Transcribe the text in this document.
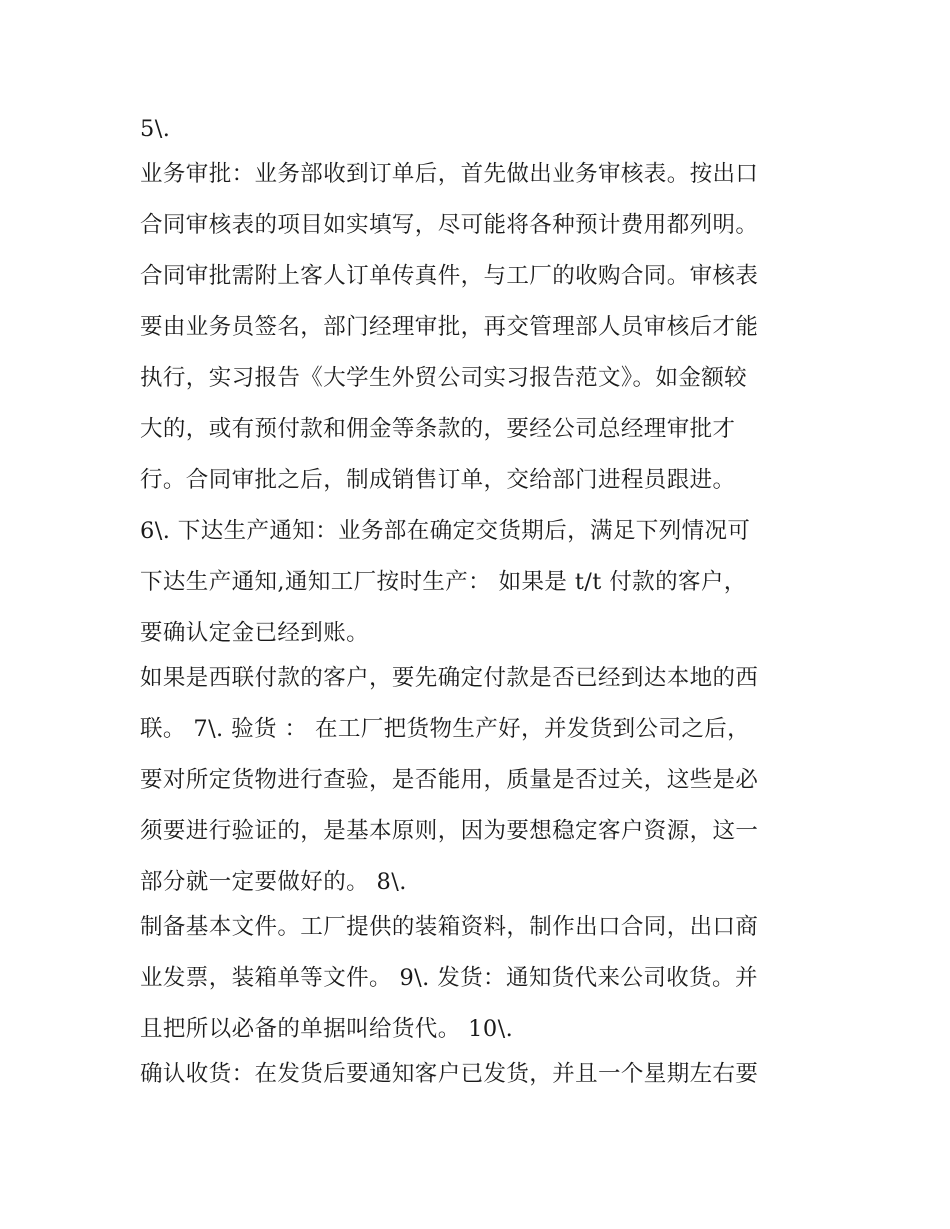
5\.
业务审批：业务部收到订单后，首先做出业务审核表。按出口
合同审核表的项目如实填写，尽可能将各种预计费用都列明。
合同审批需附上客人订单传真件，与工厂的收购合同。审核表
要由业务员签名，部门经理审批，再交管理部人员审核后才能
执行，实习报告《大学生外贸公司实习报告范文》。如金额较
大的，或有预付款和佣金等条款的，要经公司总经理审批才
行。合同审批之后，制成销售订单，交给部门进程员跟进。
6\. 下达生产通知：业务部在确定交货期后，满足下列情况可
下达生产通知,通知工厂按时生产： 如果是 t/t 付款的客户，
要确认定金已经到账。
如果是西联付款的客户，要先确定付款是否已经到达本地的西
联。 7\. 验货 ： 在工厂把货物生产好，并发货到公司之后，
要对所定货物进行查验，是否能用，质量是否过关，这些是必
须要进行验证的，是基本原则，因为要想稳定客户资源，这一
部分就一定要做好的。 8\.
制备基本文件。工厂提供的装箱资料，制作出口合同，出口商
业发票，装箱单等文件。 9\. 发货：通知货代来公司收货。并
且把所以必备的单据叫给货代。 10\.
确认收货：在发货后要通知客户已发货，并且一个星期左右要
